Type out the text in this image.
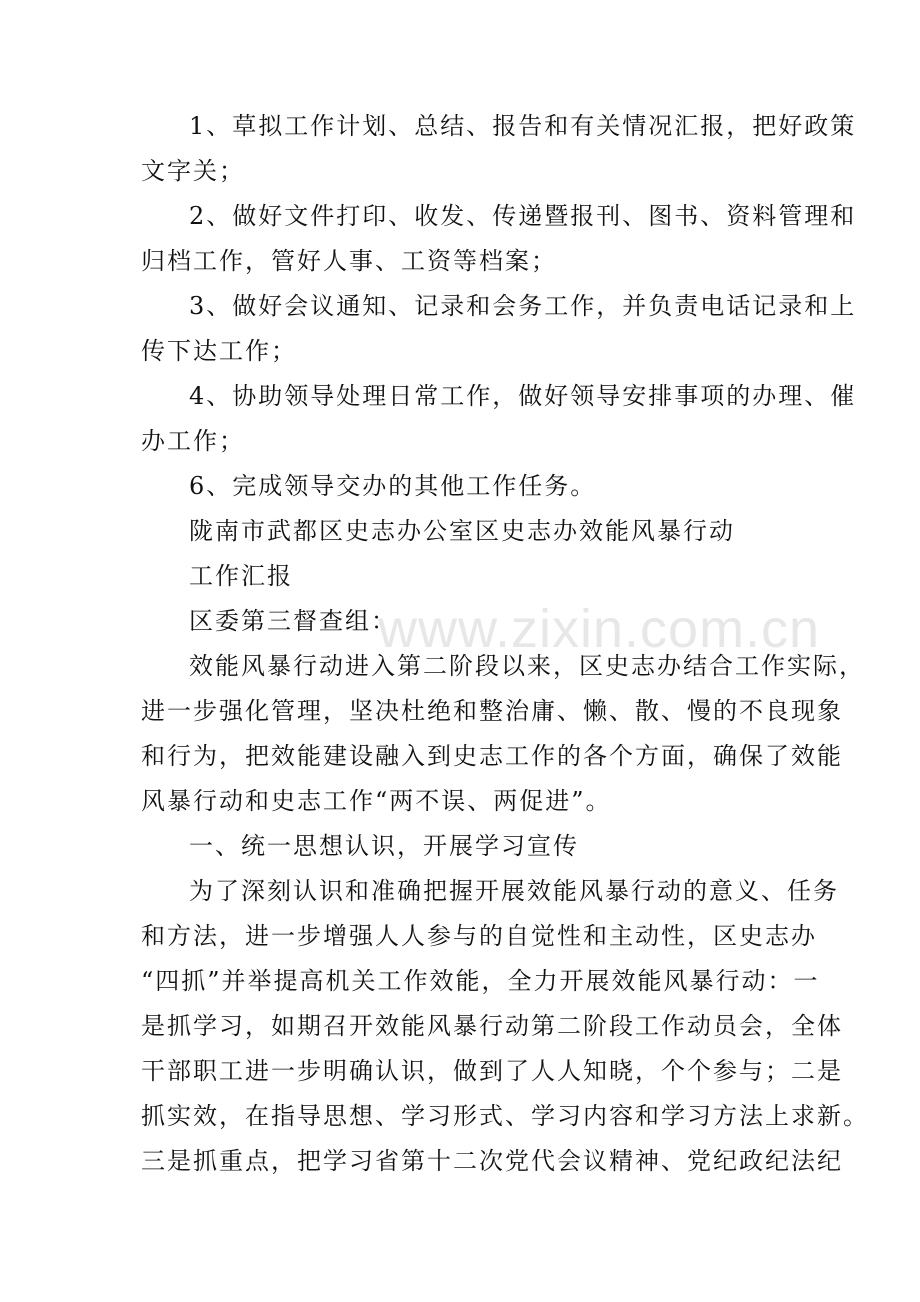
1、草拟工作计划、总结、报告和有关情况汇报，把好政策
文字关；
2、做好文件打印、收发、传递暨报刊、图书、资料管理和
归档工作，管好人事、工资等档案；
3、做好会议通知、记录和会务工作，并负责电话记录和上
传下达工作；
4、协助领导处理日常工作，做好领导安排事项的办理、催
办工作；
6、完成领导交办的其他工作任务。
陇南市武都区史志办公室区史志办效能风暴行动
工作汇报
区委第三督查组：
效能风暴行动进入第二阶段以来，区史志办结合工作实际，
进一步强化管理，坚决杜绝和整治庸、懒、散、慢的不良现象
和行为，把效能建设融入到史志工作的各个方面，确保了效能
风暴行动和史志工作“两不误、两促进”。
一、统一思想认识，开展学习宣传
为了深刻认识和准确把握开展效能风暴行动的意义、任务
和方法，进一步增强人人参与的自觉性和主动性，区史志办
“四抓”并举提高机关工作效能，全力开展效能风暴行动：一
是抓学习，如期召开效能风暴行动第二阶段工作动员会，全体
干部职工进一步明确认识，做到了人人知晓，个个参与；二是
抓实效，在指导思想、学习形式、学习内容和学习方法上求新。
三是抓重点，把学习省第十二次党代会议精神、党纪政纪法纪
www.zixin.com.cn
